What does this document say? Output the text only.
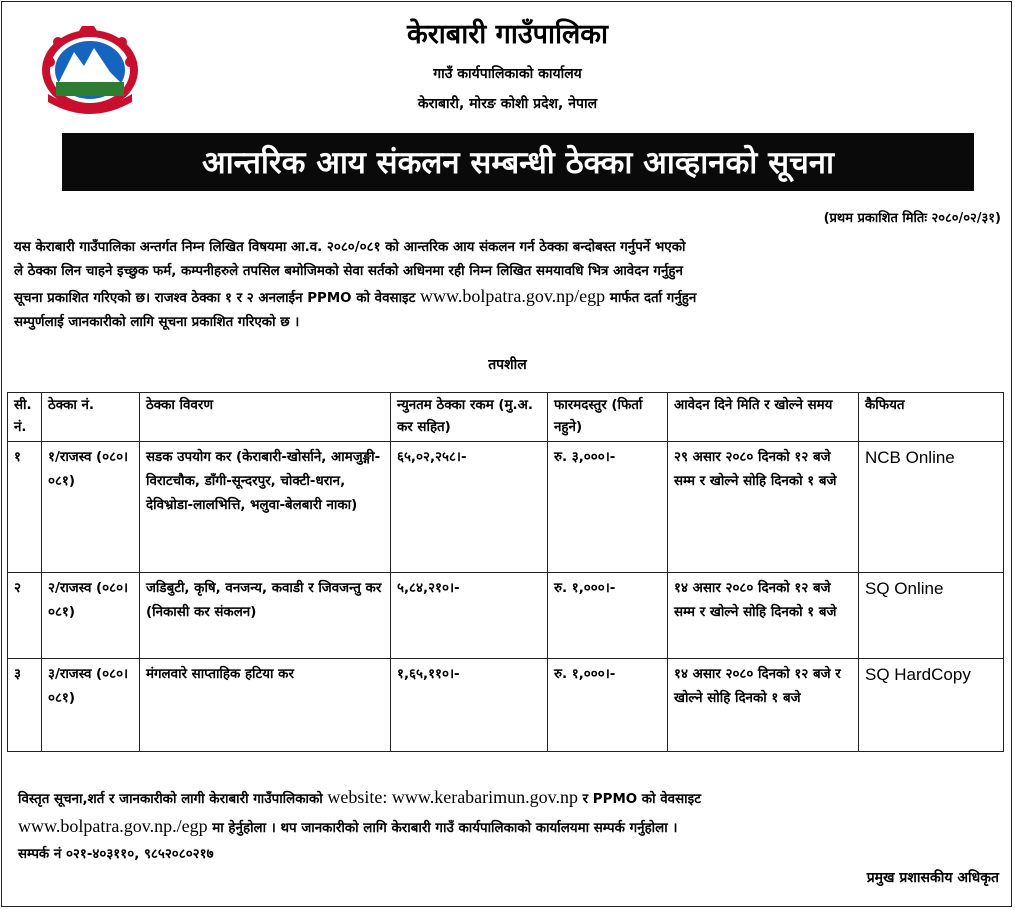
केराबारी गाउँपालिका
गाउँ कार्यपालिकाको कार्यालय
केराबारी, मोरङ कोशी प्रदेश, नेपाल
आन्तरिक आय संकलन सम्बन्धी ठेक्का आव्हानको सूचना
(प्रथम प्रकाशित मितिः २०८०/०२/३१)
यस केराबारी गाउँपालिका अन्तर्गत निम्न लिखित विषयमा आ.व. २०८०/०८१ को आन्तरिक आय संकलन गर्न ठेक्का बन्दोबस्त गर्नुपर्ने भएको
ले ठेक्का लिन चाहने इच्छुक फर्म, कम्पनीहरुले तपसिल बमोजिमको सेवा सर्तको अधिनमा रही निम्न लिखित समयावधि भित्र आवेदन गर्नुहुन
सूचना प्रकाशित गरिएको छ। राजश्व ठेक्का १ र २ अनलाईन PPMO को वेवसाइट www.bolpatra.gov.np/egp मार्फत दर्ता गर्नुहुन
सम्पुर्णलाई जानकारीको लागि सूचना प्रकाशित गरिएको छ ।
तपशील
सी. नं.	ठेक्का नं.	ठेक्का विवरण	न्युनतम ठेक्का रकम (मु.अ. कर सहित)	फारमदस्तुर (फिर्ता नहुने)	आवेदन दिने मिति र खोल्ने समय	कैफियत
१	१/राजस्व (०८०।०८१)	सडक उपयोग कर (केराबारी-खोर्साने, आमजुङ्गी-विराटचौक, डाँगी-सून्दरपुर, चोक्टी-धरान, देविभ्रोडा-लालभित्ति, भलुवा-बेलबारी नाका)	६५,०२,२५८।-	रु. ३,०००।-	२९ असार २०८० दिनको १२ बजे सम्म र खोल्ने सोहि दिनको १ बजे	NCB Online
२	२/राजस्व (०८०।०८१)	जडिबुटी, कृषि, वनजन्य, कवाडी र जिवजन्तु कर (निकासी कर संकलन)	५,८४,२१०।-	रु. १,०००।-	१४ असार २०८० दिनको १२ बजे सम्म र खोल्ने सोहि दिनको १ बजे	SQ Online
३	३/राजस्व (०८०।०८१)	मंगलवारे साप्ताहिक हटिया कर	१,६५,११०।-	रु. १,०००।-	१४ असार २०८० दिनको १२ बजे र खोल्ने सोहि दिनको १ बजे	SQ HardCopy
विस्तृत सूचना,शर्त र जानकारीको लागी केराबारी गाउँपालिकाको website: www.kerabarimun.gov.np र PPMO को वेवसाइट
www.bolpatra.gov.np./egp मा हेर्नुहोला । थप जानकारीको लागि केराबारी गाउँ कार्यपालिकाको कार्यालयमा सम्पर्क गर्नुहोला ।
सम्पर्क नं ०२१-४०३११०, ९८५२०८०२१७
प्रमुख प्रशासकीय अधिकृत
